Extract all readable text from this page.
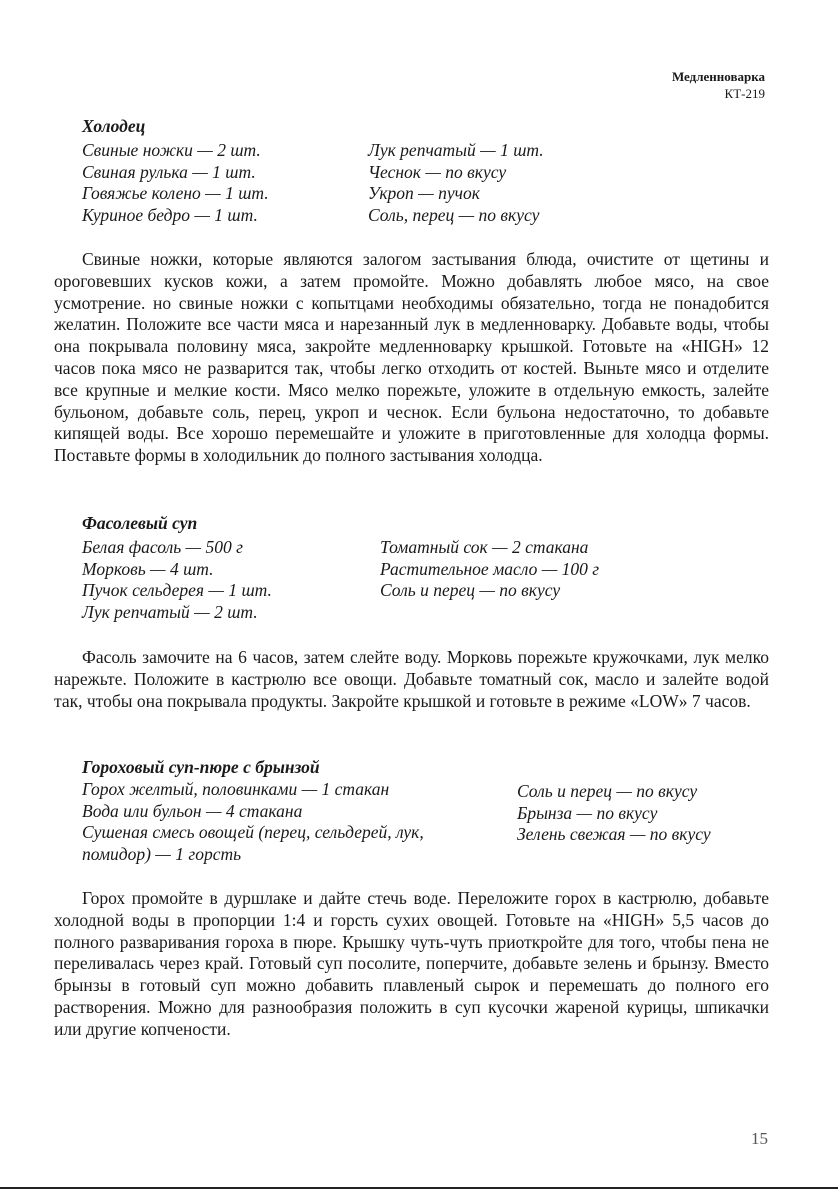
Медленноварка
КТ-219
Холодец
Свиные ножки — 2 шт.
Свиная рулька — 1 шт.
Говяжье колено — 1 шт.
Куриное бедро — 1 шт.
Лук репчатый — 1 шт.
Чеснок — по вкусу
Укроп — пучок
Соль, перец — по вкусу

Свиные ножки, которые являются залогом застывания блюда, очистите от щетины и ороговевших кусков кожи, а затем промойте. Можно добавлять любое мясо, на свое усмотрение. но свиные ножки с копытцами необходимы обязательно, тогда не понадобится желатин. Положите все части мяса и нарезанный лук в медленноварку. Добавьте воды, чтобы она покрывала половину мяса, закройте медленноварку крышкой. Готовьте на «HIGH» 12 часов пока мясо не разварится так, чтобы легко отходить от костей. Выньте мясо и отделите все крупные и мелкие кости. Мясо мелко порежьте, уложите в отдельную емкость, залейте бульоном, добавьте соль, перец, укроп и чеснок. Если бульона недостаточно, то добавьте кипящей воды. Все хорошо перемешайте и уложите в приготовленные для холодца формы. Поставьте формы в холодильник до полного застывания холодца.

Фасолевый суп
Белая фасоль — 500 г
Морковь — 4 шт.
Пучок сельдерея — 1 шт.
Лук репчатый — 2 шт.
Томатный сок — 2 стакана
Растительное масло — 100 г
Соль и перец — по вкусу

Фасоль замочите на 6 часов, затем слейте воду. Морковь порежьте кружочками, лук мелко нарежьте. Положите в кастрюлю все овощи. Добавьте томатный сок, масло и залейте водой так, чтобы она покрывала продукты. Закройте крышкой и готовьте в режиме «LOW» 7 часов.

Гороховый суп-пюре с брынзой
Горох желтый, половинками — 1 стакан
Вода или бульон — 4 стакана
Сушеная смесь овощей (перец, сельдерей, лук, помидор) — 1 горсть
Соль и перец — по вкусу
Брынза — по вкусу
Зелень свежая — по вкусу

Горох промойте в дуршлаке и дайте стечь воде. Переложите горох в кастрюлю, добавьте холодной воды в пропорции 1:4 и горсть сухих овощей. Готовьте на «HIGH» 5,5 часов до полного разваривания гороха в пюре. Крышку чуть-чуть приоткройте для того, чтобы пена не переливалась через край. Готовый суп посолите, поперчите, добавьте зелень и брынзу. Вместо брынзы в готовый суп можно добавить плавленый сырок и перемешать до полного его растворения. Можно для разнообразия положить в суп кусочки жареной курицы, шпикачки или другие копчености.

15
